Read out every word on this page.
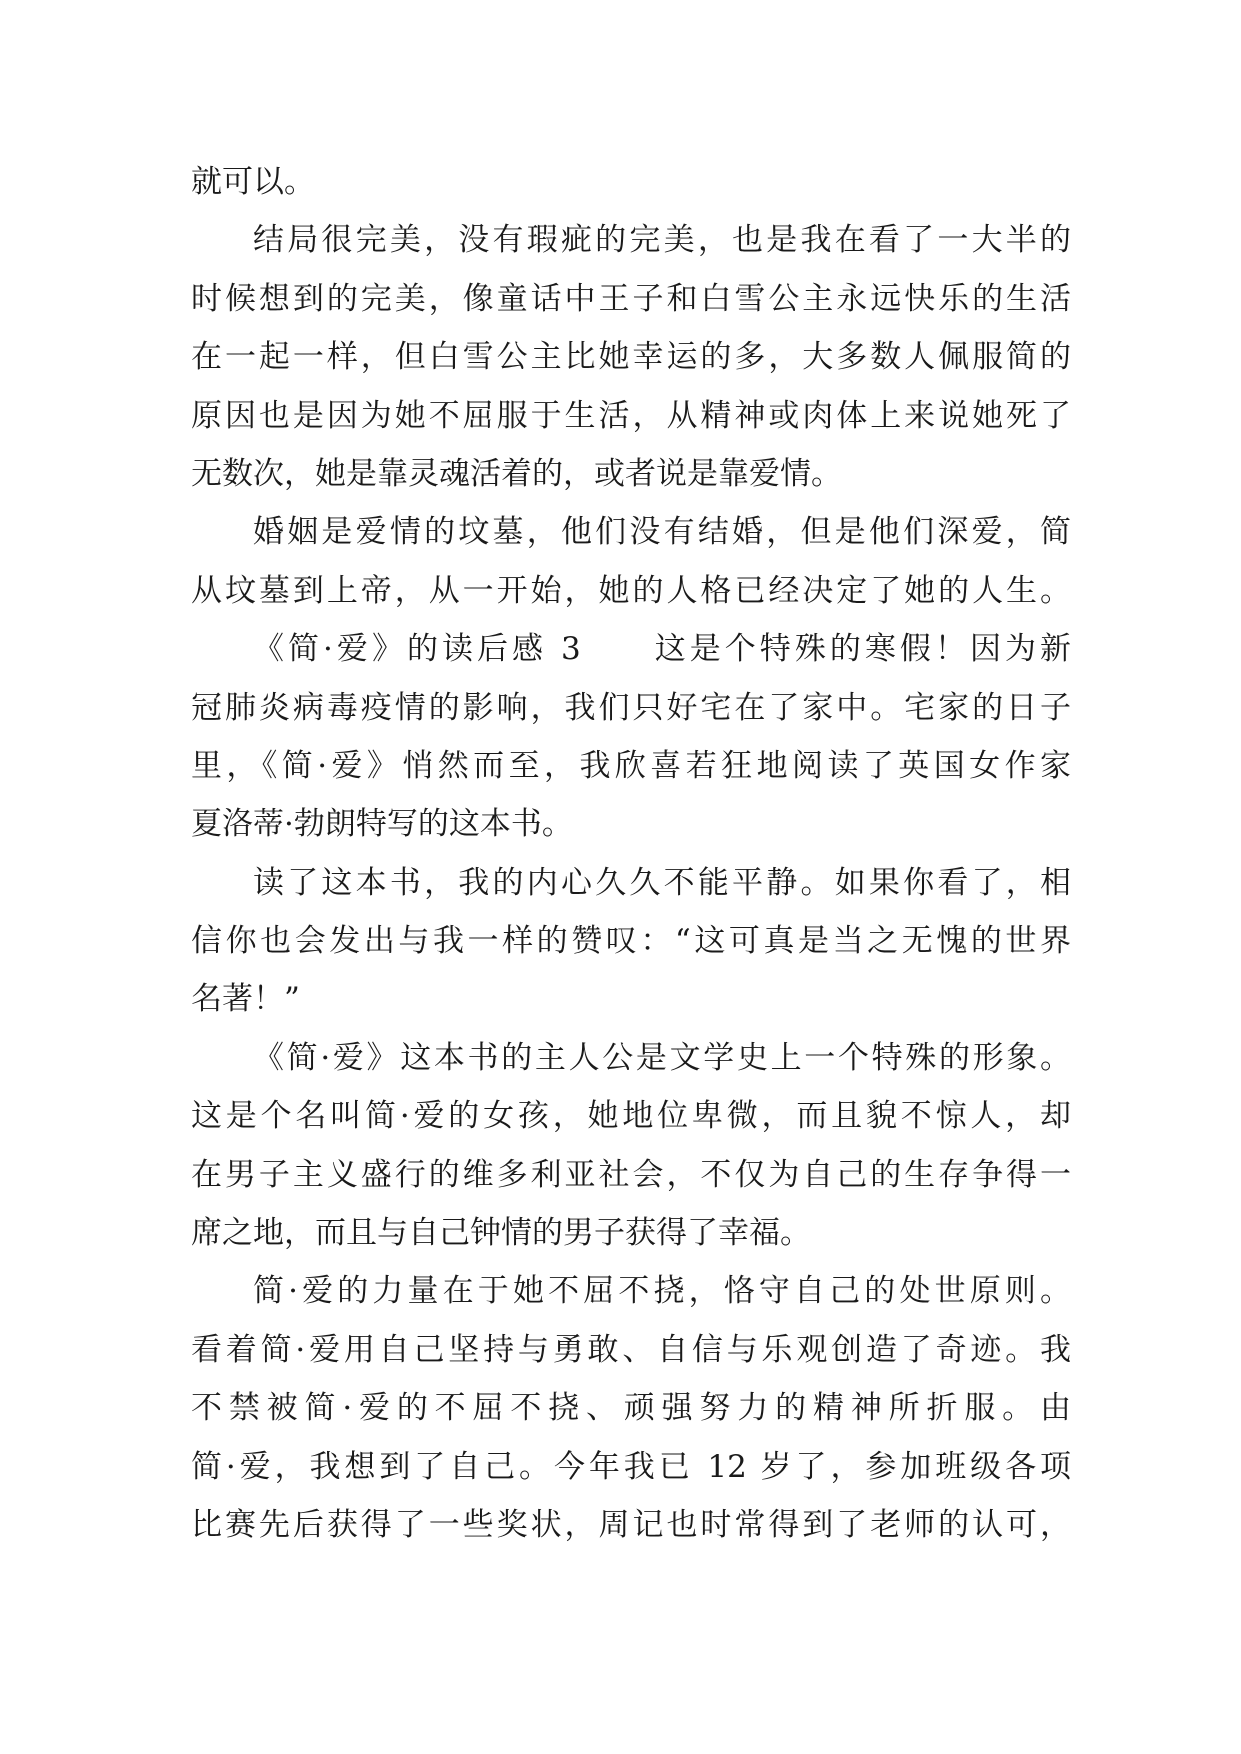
就可以。
结局很完美，没有瑕疵的完美，也是我在看了一大半的
时候想到的完美，像童话中王子和白雪公主永远快乐的生活
在一起一样，但白雪公主比她幸运的多，大多数人佩服简的
原因也是因为她不屈服于生活，从精神或肉体上来说她死了
无数次，她是靠灵魂活着的，或者说是靠爱情。
婚姻是爱情的坟墓，他们没有结婚，但是他们深爱，简
从坟墓到上帝，从一开始，她的人格已经决定了她的人生。
《简·爱》的读后感 3　　这是个特殊的寒假！因为新
冠肺炎病毒疫情的影响，我们只好宅在了家中。宅家的日子
里，《简·爱》悄然而至，我欣喜若狂地阅读了英国女作家
夏洛蒂·勃朗特写的这本书。
读了这本书，我的内心久久不能平静。如果你看了，相
信你也会发出与我一样的赞叹：“这可真是当之无愧的世界
名著！”
《简·爱》这本书的主人公是文学史上一个特殊的形象。
这是个名叫简·爱的女孩，她地位卑微，而且貌不惊人，却
在男子主义盛行的维多利亚社会，不仅为自己的生存争得一
席之地，而且与自己钟情的男子获得了幸福。
简·爱的力量在于她不屈不挠，恪守自己的处世原则。
看着简·爱用自己坚持与勇敢、自信与乐观创造了奇迹。我
不禁被简·爱的不屈不挠、顽强努力的精神所折服。由
简·爱，我想到了自己。今年我已 12 岁了，参加班级各项
比赛先后获得了一些奖状，周记也时常得到了老师的认可，
